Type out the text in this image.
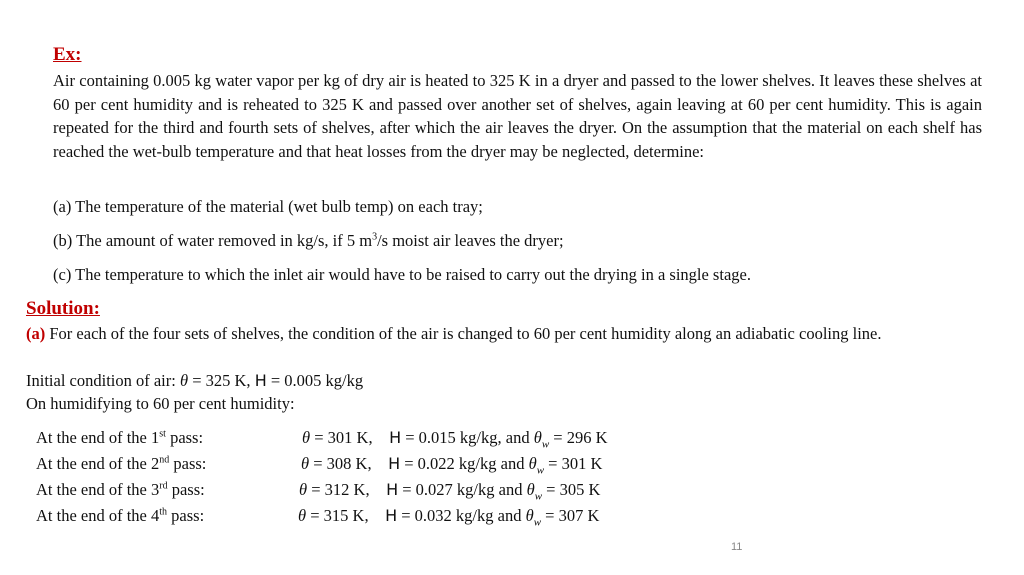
Ex:

Air containing 0.005 kg water vapor per kg of dry air is heated to 325 K in a dryer and passed to the lower shelves. It leaves these shelves at 60 per cent humidity and is reheated to 325 K and passed over another set of shelves, again leaving at 60 per cent humidity. This is again repeated for the third and fourth sets of shelves, after which the air leaves the dryer. On the assumption that the material on each shelf has reached the wet-bulb temperature and that heat losses from the dryer may be neglected, determine:

(a) The temperature of the material (wet bulb temp) on each tray;

(b) The amount of water removed in kg/s, if 5 $m^3/s$ moist air leaves the dryer;

(c) The temperature to which the inlet air would have to be raised to carry out the drying in a single stage.

Solution:

(a) For each of the four sets of shelves, the condition of the air is changed to 60 per cent humidity along an adiabatic cooling line.

Initial condition of air: θ = 325 K, H = 0.005 kg/kg

On humidifying to 60 per cent humidity:

At the end of the 1st pass:	θ = 301 K, H = 0.015 kg/kg, and $\theta_w = 296$ K
At the end of the 2nd pass:	θ = 308 K, H = 0.022 kg/kg and $\theta_w = 301$ K
At the end of the 3rd pass:	θ = 312 K, H = 0.027 kg/kg and $\theta_w = 305$ K
At the end of the 4th pass:	θ = 315 K, H = 0.032 kg/kg and $\theta_w = 307$ K
11
